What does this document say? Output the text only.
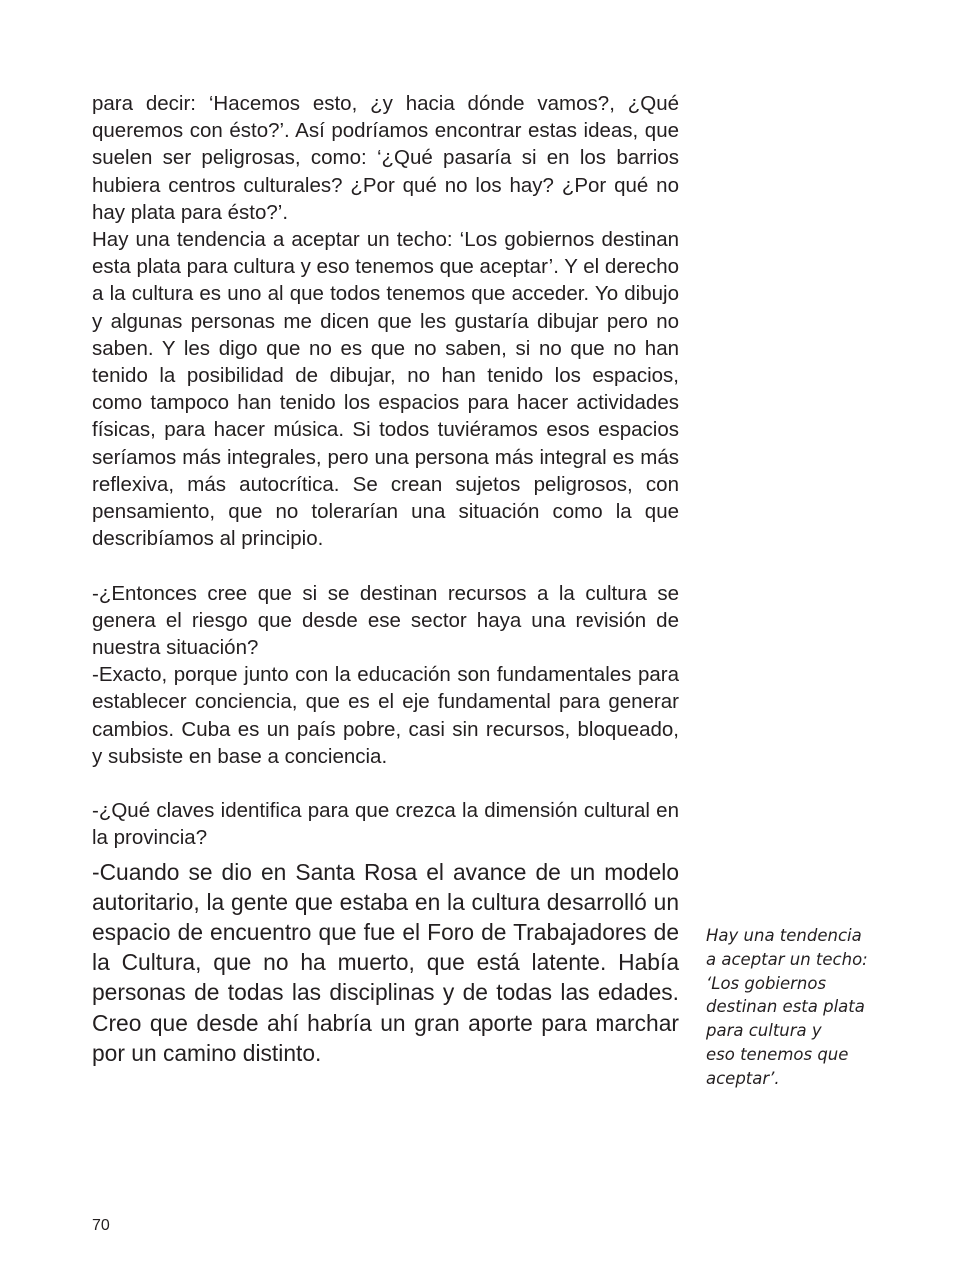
para decir: ‘Hacemos esto, ¿y hacia dónde vamos?, ¿Qué queremos con ésto?’. Así podríamos encontrar estas ideas, que suelen ser peligrosas, como: ‘¿Qué pasaría si en los barrios hubiera centros culturales? ¿Por qué no los hay? ¿Por qué no hay plata para ésto?’.

Hay una tendencia a aceptar un techo: ‘Los gobiernos destinan esta plata para cultura y eso tenemos que aceptar’. Y el derecho a la cultura es uno al que todos tenemos que acceder. Yo dibujo y algunas personas me dicen que les gustaría dibujar pero no saben. Y les digo que no es que no saben, si no que no han tenido la posibilidad de dibujar, no han tenido los espacios, como tampoco han tenido los espacios para hacer actividades físicas, para hacer música. Si todos tuviéramos esos espacios seríamos más integrales, pero una persona más integral es más reflexiva, más autocrítica. Se crean sujetos peligrosos, con pensamiento, que no tolerarían una situación como la que describíamos al principio.

-¿Entonces cree que si se destinan recursos a la cultura se genera el riesgo que desde ese sector haya una revisión de nuestra situación?

-Exacto, porque junto con la educación son fundamentales para establecer conciencia, que es el eje fundamental para generar cambios. Cuba es un país pobre, casi sin recursos, bloqueado, y subsiste en base a conciencia.

-¿Qué claves identifica para que crezca la dimensión cultural en la provincia?

-Cuando se dio en Santa Rosa el avance de un modelo autoritario, la gente que estaba en la cultura desarrolló un espacio de encuentro que fue el Foro de Trabajadores de la Cultura, que no ha muerto, que está latente. Había personas de todas las disciplinas y de todas las edades. Creo que desde ahí habría un gran aporte para marchar por un camino distinto.

Hay una tendencia
a aceptar un techo:
‘Los gobiernos
destinan esta plata
para cultura y
eso tenemos que
aceptar’.
70
